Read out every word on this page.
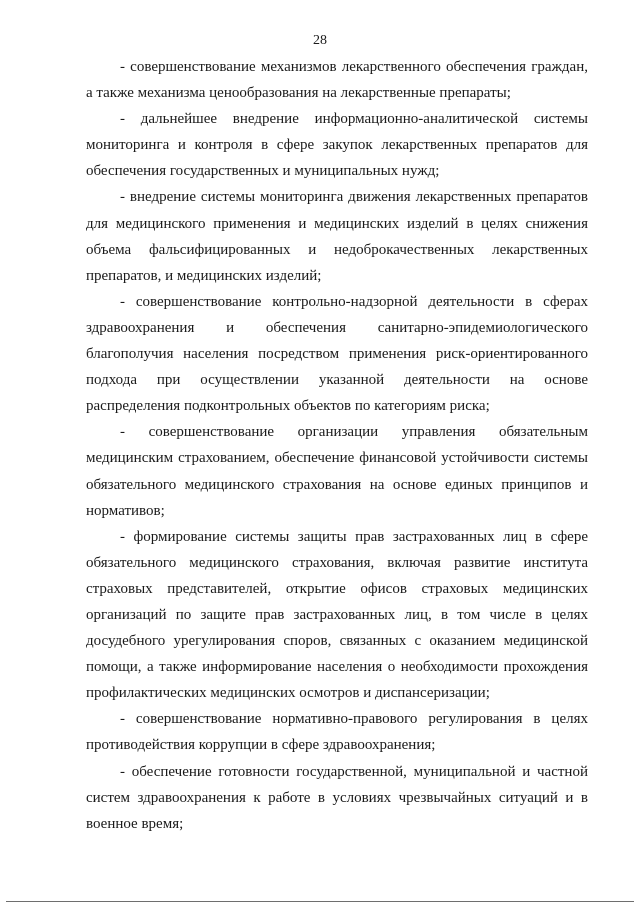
28

- совершенствование механизмов лекарственного обеспечения граждан, а также механизма ценообразования на лекарственные препараты;

- дальнейшее внедрение информационно-аналитической системы мониторинга и контроля в сфере закупок лекарственных препаратов для обеспечения государственных и муниципальных нужд;

- внедрение системы мониторинга движения лекарственных препаратов для медицинского применения и медицинских изделий в целях снижения объема фальсифицированных и недоброкачественных лекарственных препаратов, и медицинских изделий;

- совершенствование контрольно-надзорной деятельности в сферах здравоохранения и обеспечения санитарно-эпидемиологического благополучия населения посредством применения риск-ориентированного подхода при осуществлении указанной деятельности на основе распределения подконтрольных объектов по категориям риска;

- совершенствование организации управления обязательным медицинским страхованием, обеспечение финансовой устойчивости системы обязательного медицинского страхования на основе единых принципов и нормативов;

- формирование системы защиты прав застрахованных лиц в сфере обязательного медицинского страхования, включая развитие института страховых представителей, открытие офисов страховых медицинских организаций по защите прав застрахованных лиц, в том числе в целях досудебного урегулирования споров, связанных с оказанием медицинской помощи, а также информирование населения о необходимости прохождения профилактических медицинских осмотров и диспансеризации;

- совершенствование нормативно-правового регулирования в целях противодействия коррупции в сфере здравоохранения;

- обеспечение готовности государственной, муниципальной и частной систем здравоохранения к работе в условиях чрезвычайных ситуаций и в военное время;
